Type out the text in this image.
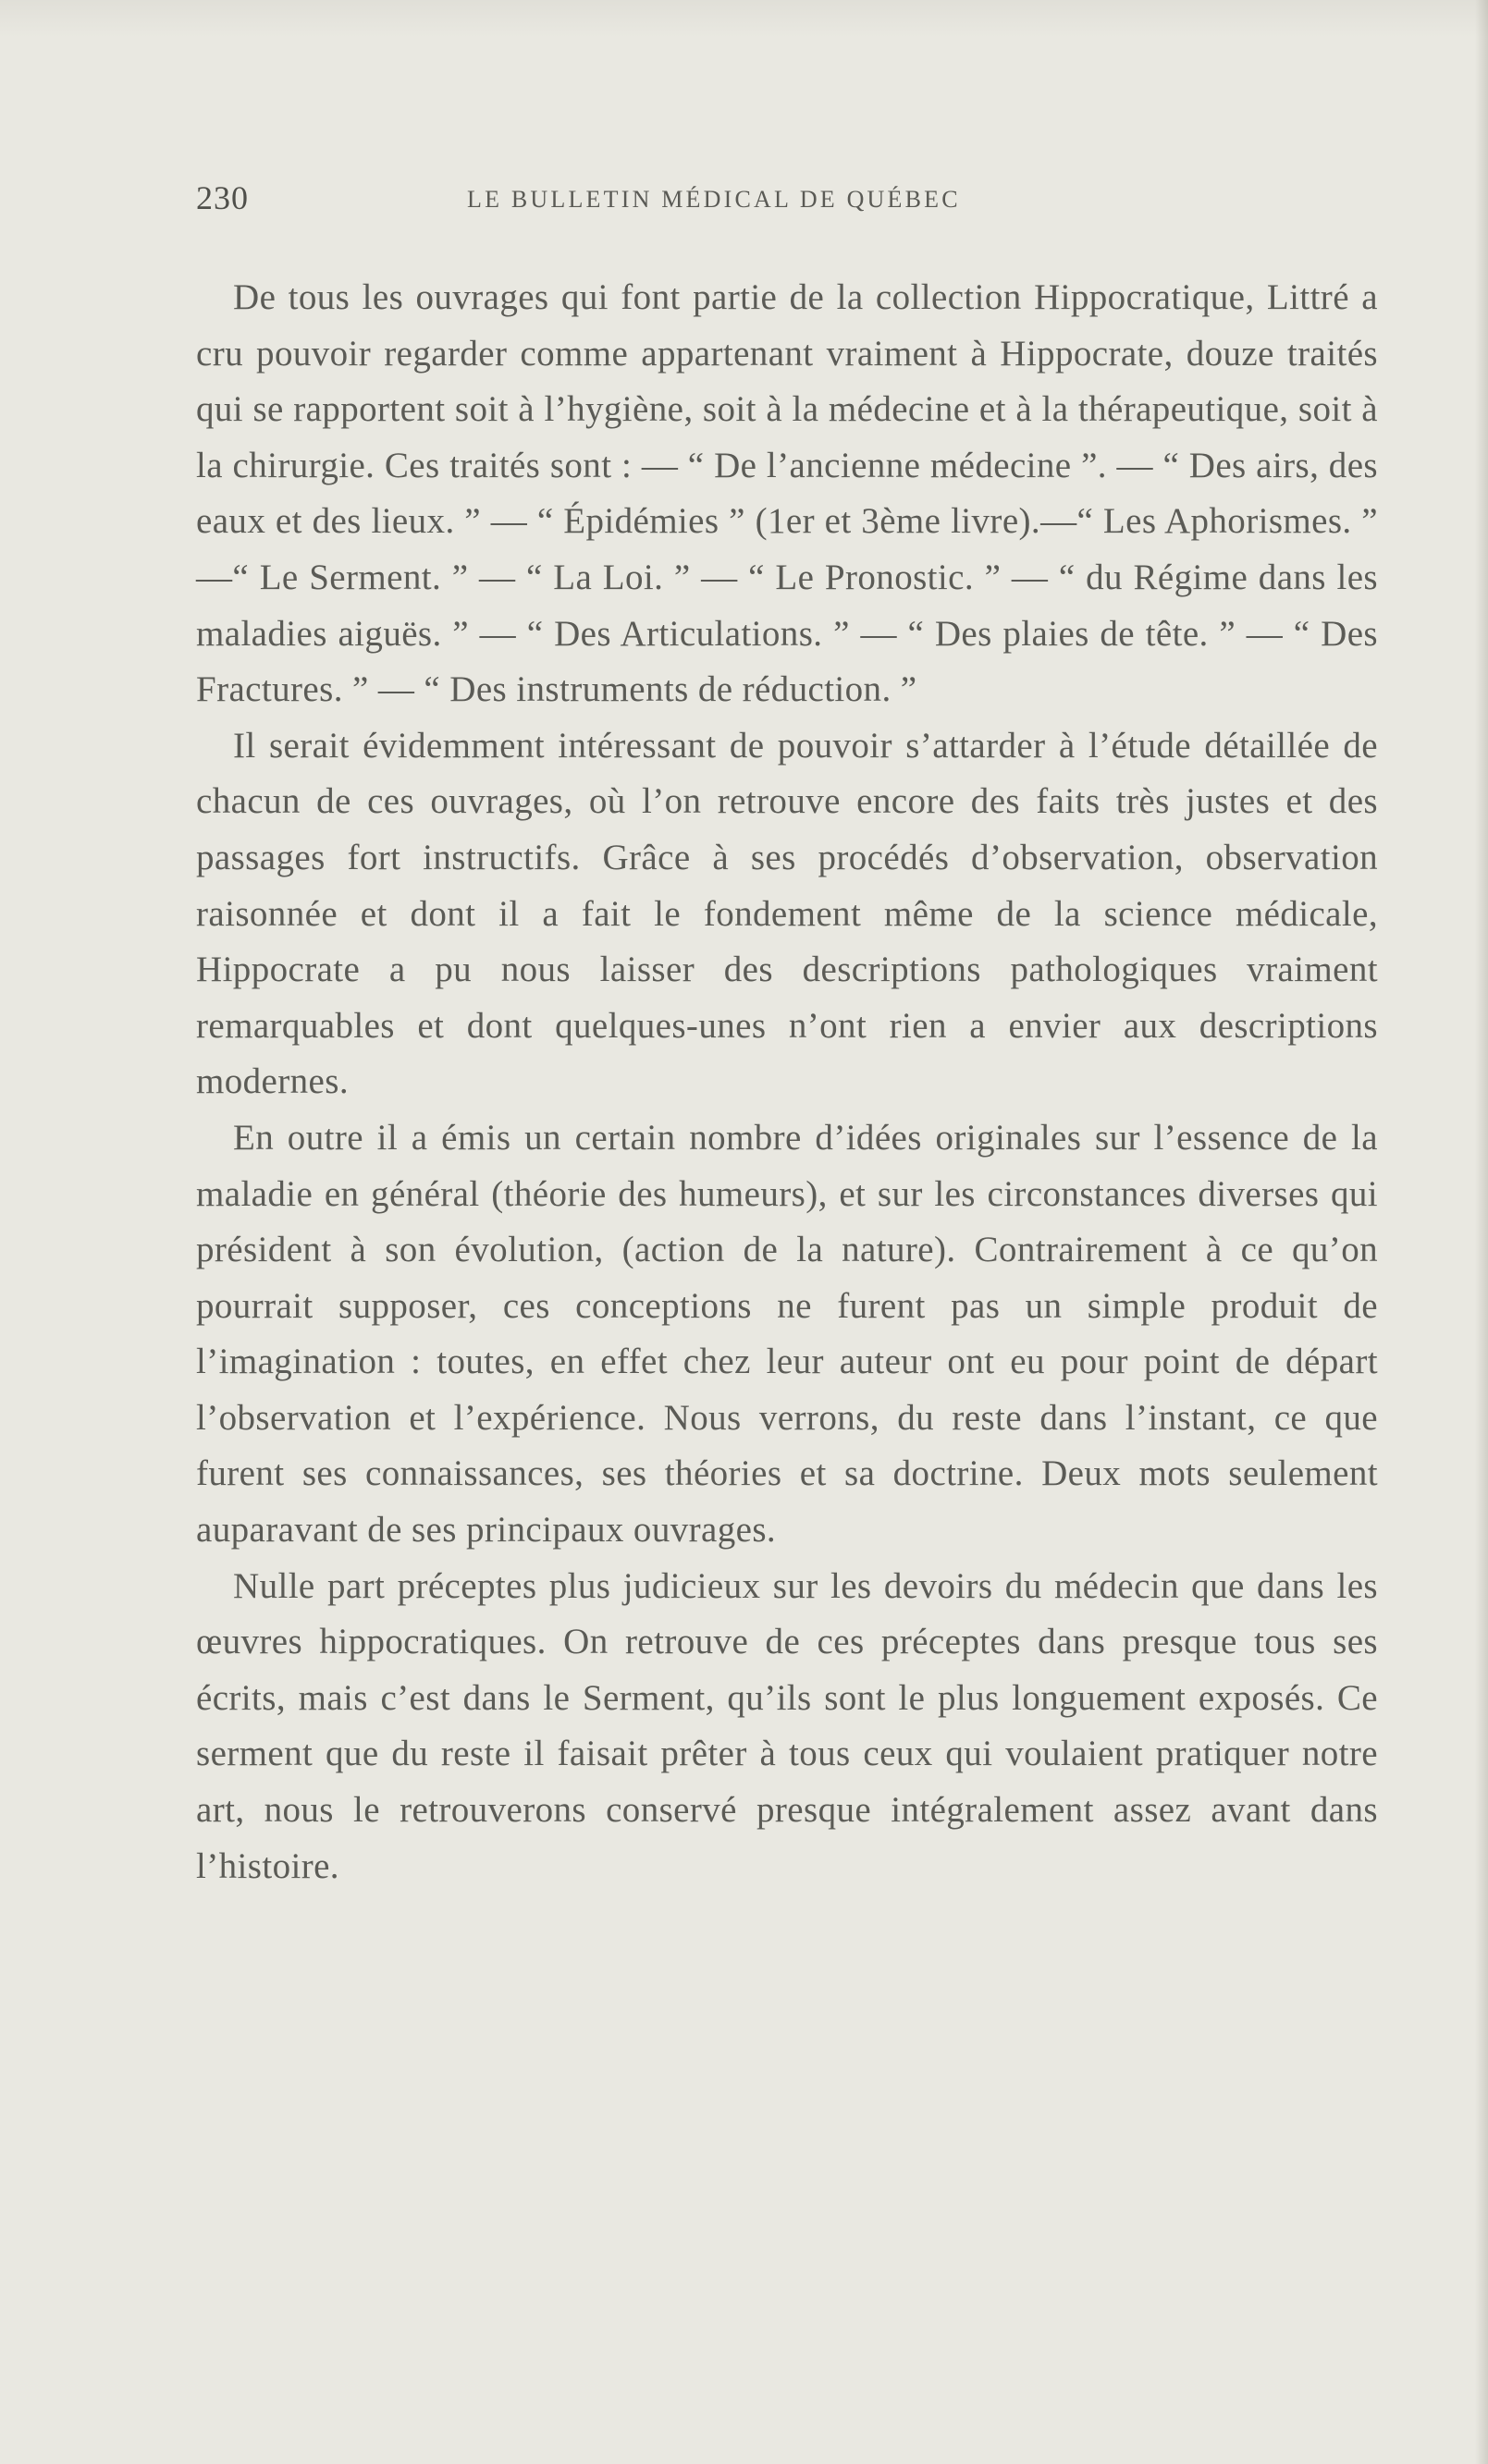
230	LE BULLETIN MÉDICAL DE QUÉBEC

De tous les ouvrages qui font partie de la collection Hippocratique, Littré a cru pouvoir regarder comme appartenant vraiment à Hippocrate, douze traités qui se rapportent soit à l’hygiène, soit à la médecine et à la thérapeutique, soit à la chirurgie. Ces traités sont : — “ De l’ancienne médecine ”. — “ Des airs, des eaux et des lieux. ” — “ Épidémies ” (1er et 3ème livre).—“ Les Aphorismes. ” —“ Le Serment. ” — “ La Loi. ” — “ Le Pronostic. ” — “ du Régime dans les maladies aiguës. ” — “ Des Articulations. ” — “ Des plaies de tête. ” — “ Des Fractures. ” — “ Des instruments de réduction. ”

Il serait évidemment intéressant de pouvoir s’attarder à l’étude détaillée de chacun de ces ouvrages, où l’on retrouve encore des faits très justes et des passages fort instructifs. Grâce à ses procédés d’observation, observation raisonnée et dont il a fait le fondement même de la science médicale, Hippocrate a pu nous laisser des descriptions pathologiques vraiment remarquables et dont quelques-unes n’ont rien a envier aux descriptions modernes.

En outre il a émis un certain nombre d’idées originales sur l’essence de la maladie en général (théorie des humeurs), et sur les circonstances diverses qui président à son évolution, (action de la nature). Contrairement à ce qu’on pourrait supposer, ces conceptions ne furent pas un simple produit de l’imagination : toutes, en effet chez leur auteur ont eu pour point de départ l’observation et l’expérience. Nous verrons, du reste dans l’instant, ce que furent ses connaissances, ses théories et sa doctrine. Deux mots seulement auparavant de ses principaux ouvrages.

Nulle part préceptes plus judicieux sur les devoirs du médecin que dans les œuvres hippocratiques. On retrouve de ces préceptes dans presque tous ses écrits, mais c’est dans le Serment, qu’ils sont le plus longuement exposés. Ce serment que du reste il faisait prêter à tous ceux qui voulaient pratiquer notre art, nous le retrouverons conservé presque intégralement assez avant dans l’histoire.
